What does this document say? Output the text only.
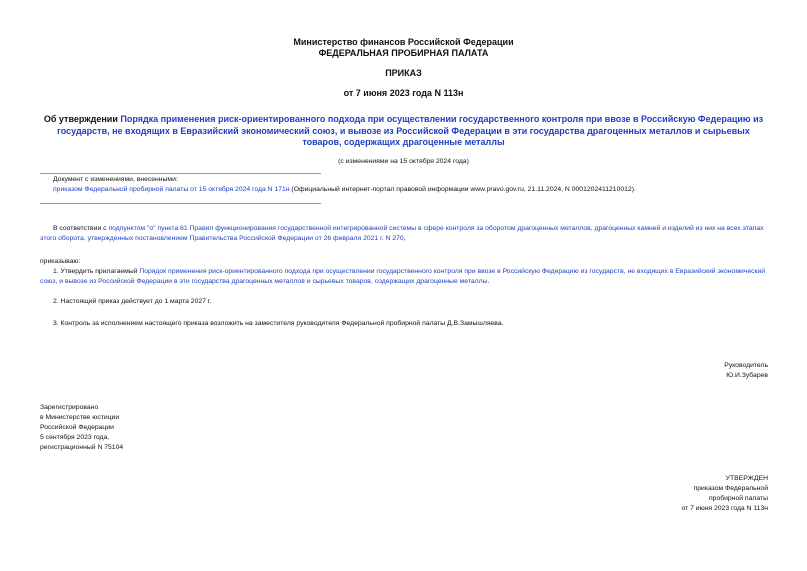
Министерство финансов Российской Федерации
ФЕДЕРАЛЬНАЯ ПРОБИРНАЯ ПАЛАТА
ПРИКАЗ
от 7 июня 2023 года N 113н
Об утверждении Порядка применения риск-ориентированного подхода при осуществлении государственного контроля при ввозе в Российскую Федерацию из государств, не входящих в Евразийский экономический союз, и вывозе из Российской Федерации в эти государства драгоценных металлов и сырьевых товаров, содержащих драгоценные металлы
(с изменениями на 15 октября 2024 года)
Документ с изменениями, внесенными:
приказом Федеральной пробирной палаты от 15 октября 2024 года N 171н (Официальный интернет-портал правовой информации www.pravo.gov.ru, 21.11.2024, N 0001202411210012).
В соответствии с подпунктом "о" пункта 61 Правил функционирования государственной интегрированной системы в сфере контроля за оборотом драгоценных металлов, драгоценных камней и изделий из них на всех этапах этого оборота, утвержденных постановлением Правительства Российской Федерации от 26 февраля 2021 г. N 270,
приказываю:
1. Утвердить прилагаемый Порядок применения риск-ориентированного подхода при осуществлении государственного контроля при ввозе в Российскую Федерацию из государств, не входящих в Евразийский экономический союз, и вывозе из Российской Федерации в эти государства драгоценных металлов и сырьевых товаров, содержащих драгоценные металлы.
2. Настоящий приказ действует до 1 марта 2027 г.
3. Контроль за исполнением настоящего приказа возложить на заместителя руководителя Федеральной пробирной палаты Д.В.Замышляева.
Руководитель
Ю.И.Зубарев
Зарегистрировано
в Министерстве юстиции
Российской Федерации
5 сентября 2023 года,
регистрационный N 75104
УТВЕРЖДЕН
приказом Федеральной
пробирной палаты
от 7 июня 2023 года N 113н
